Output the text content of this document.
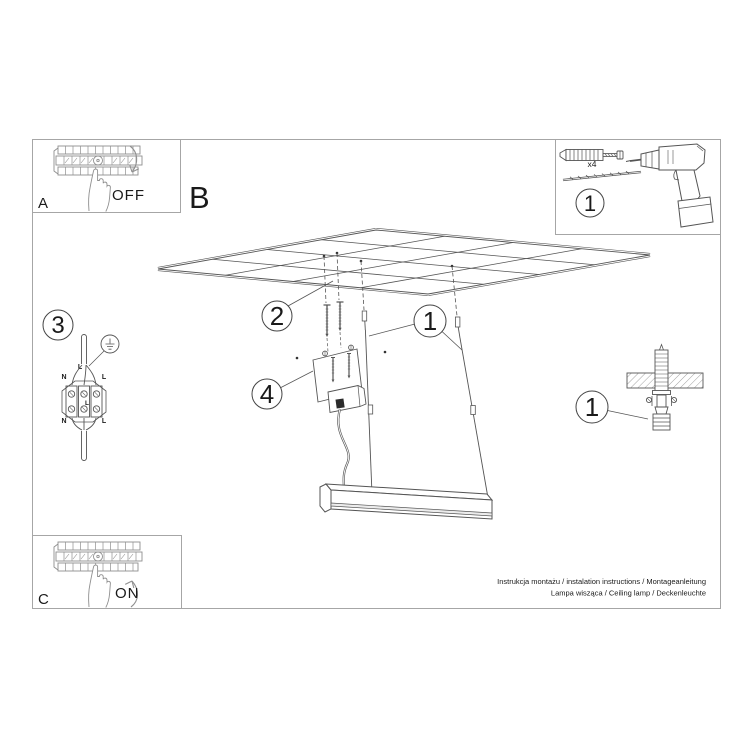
A	OFF B
C	ON
x4
1
3
L
N	L
L
N	L
2
4
1
1
Instrukcja montażu / instalation instructions / Montageanleitung
Lampa wisząca / Ceiling lamp / Deckenleuchte
